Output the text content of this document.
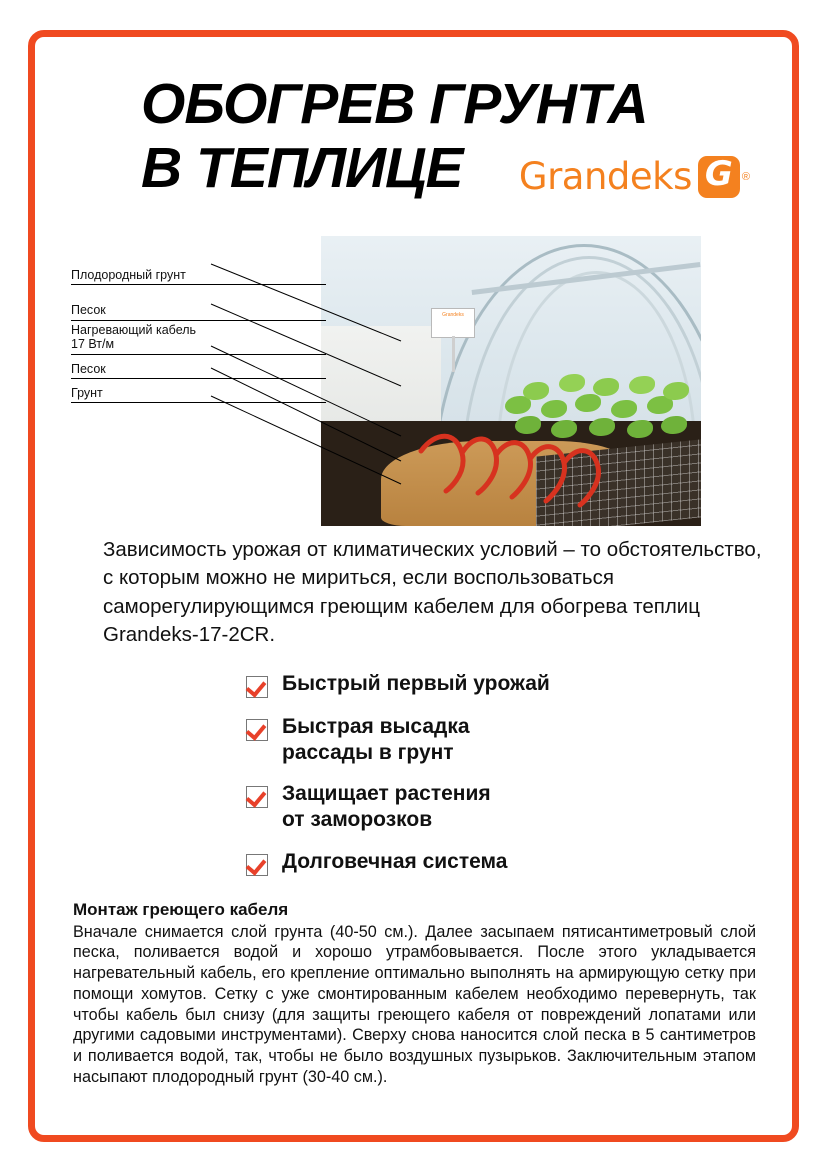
ОБОГРЕВ ГРУНТА
В ТЕПЛИЦЕ	Grandeks G ®
Grandeks
Плодородный грунт
Песок
Нагревающий кабель
17 Вт/м
Песок
Грунт

Зависимость урожая от климатических условий – то обстоятельство, с которым можно не мириться, если воспользоваться саморегулирующимся греющим кабелем для обогрева теплиц Grandeks-17-2CR.

Быстрый первый урожай
Быстрая высадка
рассады в грунт
Защищает растения
от заморозков
Долговечная система
Монтаж греющего кабеля

Вначале снимается слой грунта (40-50 см.). Далее засыпаем пятисантиметровый слой песка, поливается водой и хорошо утрамбовывается. После этого укладывается нагревательный кабель, его крепление оптимально выполнять на армирующую сетку при помощи хомутов. Сетку с уже смонтированным кабелем необходимо перевернуть, так чтобы кабель был снизу (для защиты греющего кабеля от повреждений лопатами или другими садовыми инструментами). Сверху снова наносится слой песка в 5 сантиметров и поливается водой, так, чтобы не было воздушных пузырьков. Заключительным этапом насыпают плодородный грунт (30-40 см.).
